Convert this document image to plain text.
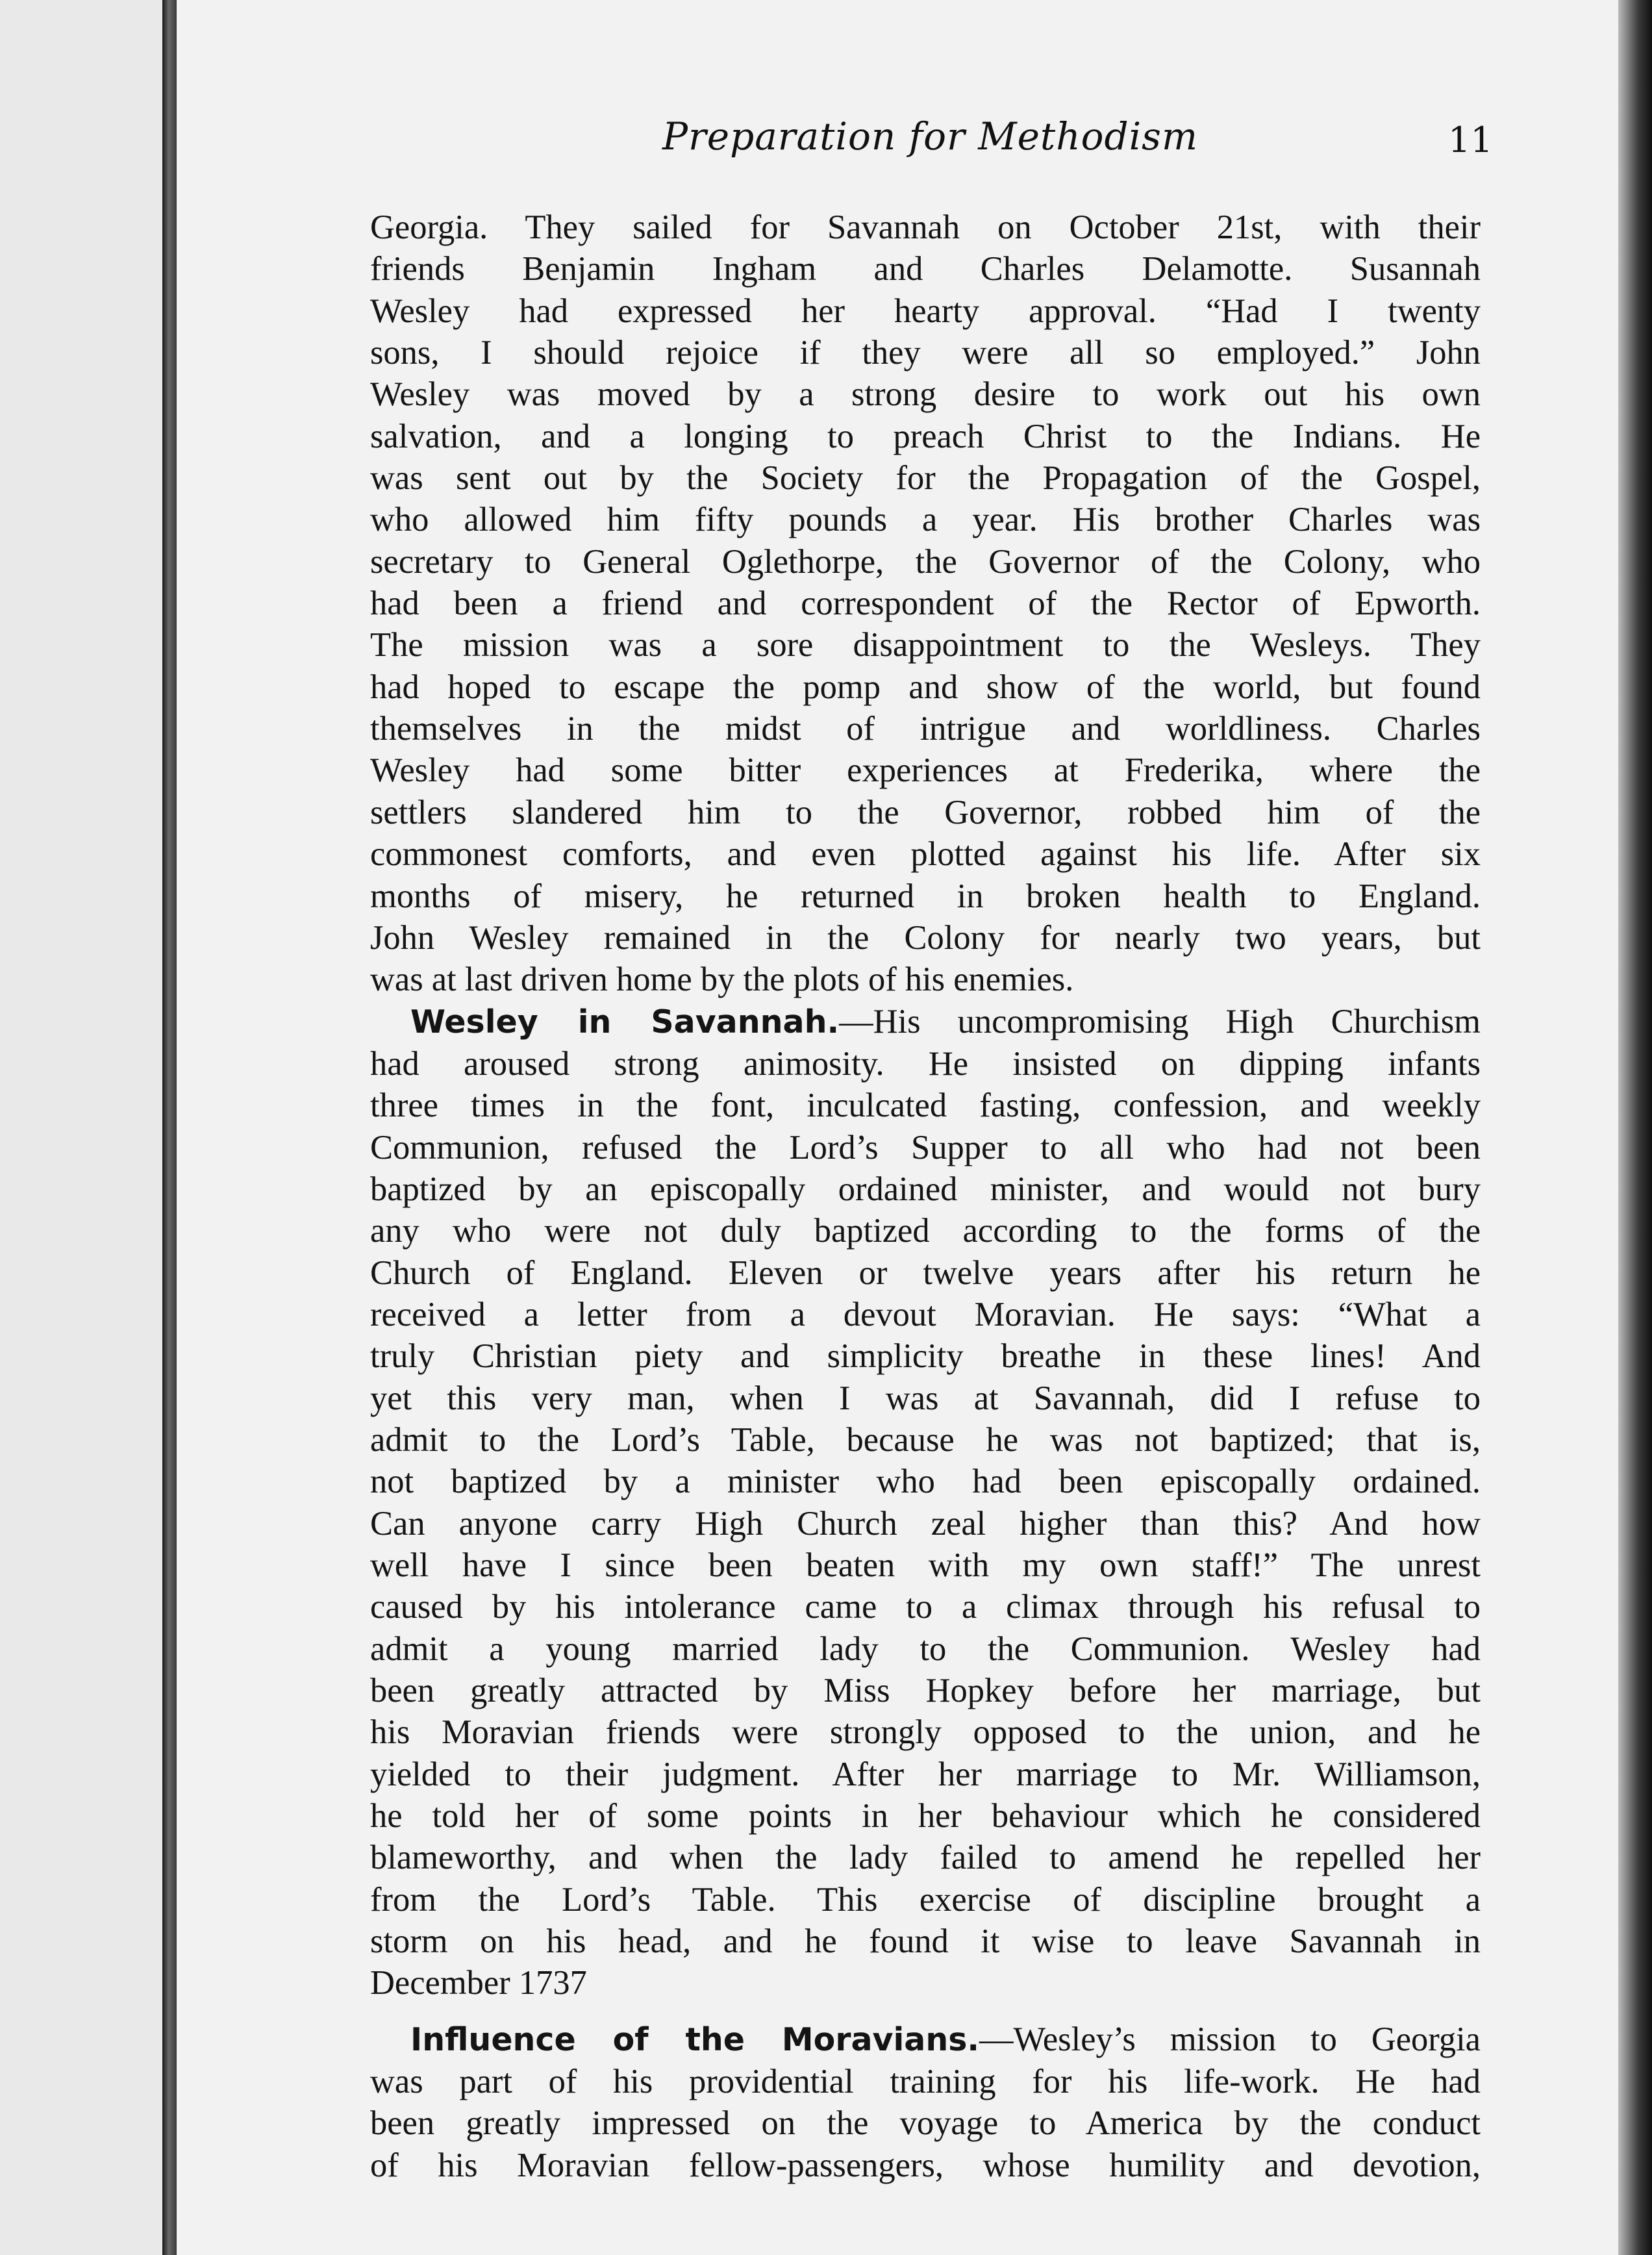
Preparation for Methodism	11
Georgia. They sailed for Savannah on October 21st, with their
friends Benjamin Ingham and Charles Delamotte. Susannah
Wesley had expressed her hearty approval. “Had I twenty
sons, I should rejoice if they were all so employed.” John
Wesley was moved by a strong desire to work out his own
salvation, and a longing to preach Christ to the Indians. He
was sent out by the Society for the Propagation of the Gospel,
who allowed him fifty pounds a year. His brother Charles was
secretary to General Oglethorpe, the Governor of the Colony, who
had been a friend and correspondent of the Rector of Epworth.
The mission was a sore disappointment to the Wesleys. They
had hoped to escape the pomp and show of the world, but found
themselves in the midst of intrigue and worldliness. Charles
Wesley had some bitter experiences at Frederika, where the
settlers slandered him to the Governor, robbed him of the
commonest comforts, and even plotted against his life. After six
months of misery, he returned in broken health to England.
John Wesley remained in the Colony for nearly two years, but
was at last driven home by the plots of his enemies.
Wesley in Savannah.—His uncompromising High Churchism
had aroused strong animosity. He insisted on dipping infants
three times in the font, inculcated fasting, confession, and weekly
Communion, refused the Lord’s Supper to all who had not been
baptized by an episcopally ordained minister, and would not bury
any who were not duly baptized according to the forms of the
Church of England. Eleven or twelve years after his return he
received a letter from a devout Moravian. He says: “What a
truly Christian piety and simplicity breathe in these lines! And
yet this very man, when I was at Savannah, did I refuse to
admit to the Lord’s Table, because he was not baptized; that is,
not baptized by a minister who had been episcopally ordained.
Can anyone carry High Church zeal higher than this? And how
well have I since been beaten with my own staff!” The unrest
caused by his intolerance came to a climax through his refusal to
admit a young married lady to the Communion. Wesley had
been greatly attracted by Miss Hopkey before her marriage, but
his Moravian friends were strongly opposed to the union, and he
yielded to their judgment. After her marriage to Mr. Williamson,
he told her of some points in her behaviour which he considered
blameworthy, and when the lady failed to amend he repelled her
from the Lord’s Table. This exercise of discipline brought a
storm on his head, and he found it wise to leave Savannah in
December 1737
Influence of the Moravians.—Wesley’s mission to Georgia
was part of his providential training for his life-work. He had
been greatly impressed on the voyage to America by the conduct
of his Moravian fellow-passengers, whose humility and devotion,
